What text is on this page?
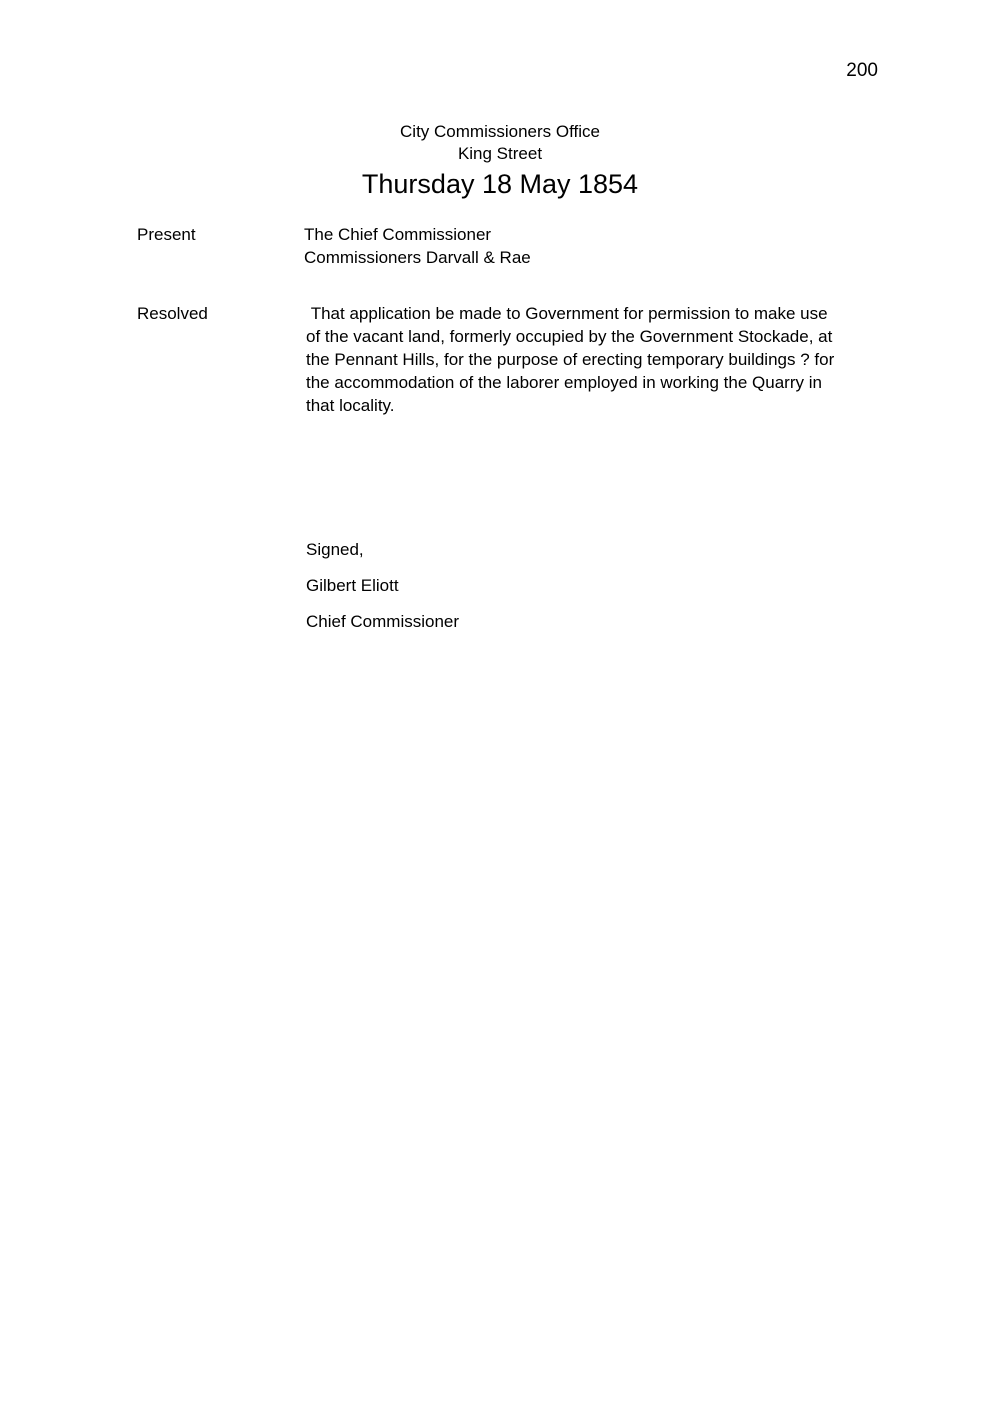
200
City Commissioners Office
King Street
Thursday 18 May 1854
Present	The Chief Commissioner
Commissioners Darvall & Rae
Resolved	That application be made to Government for permission to make use
of the vacant land, formerly occupied by the Government Stockade, at
the Pennant Hills, for the purpose of erecting temporary buildings ? for
the accommodation of the laborer employed in working the Quarry in
that locality.
Signed,
Gilbert Eliott
Chief Commissioner
